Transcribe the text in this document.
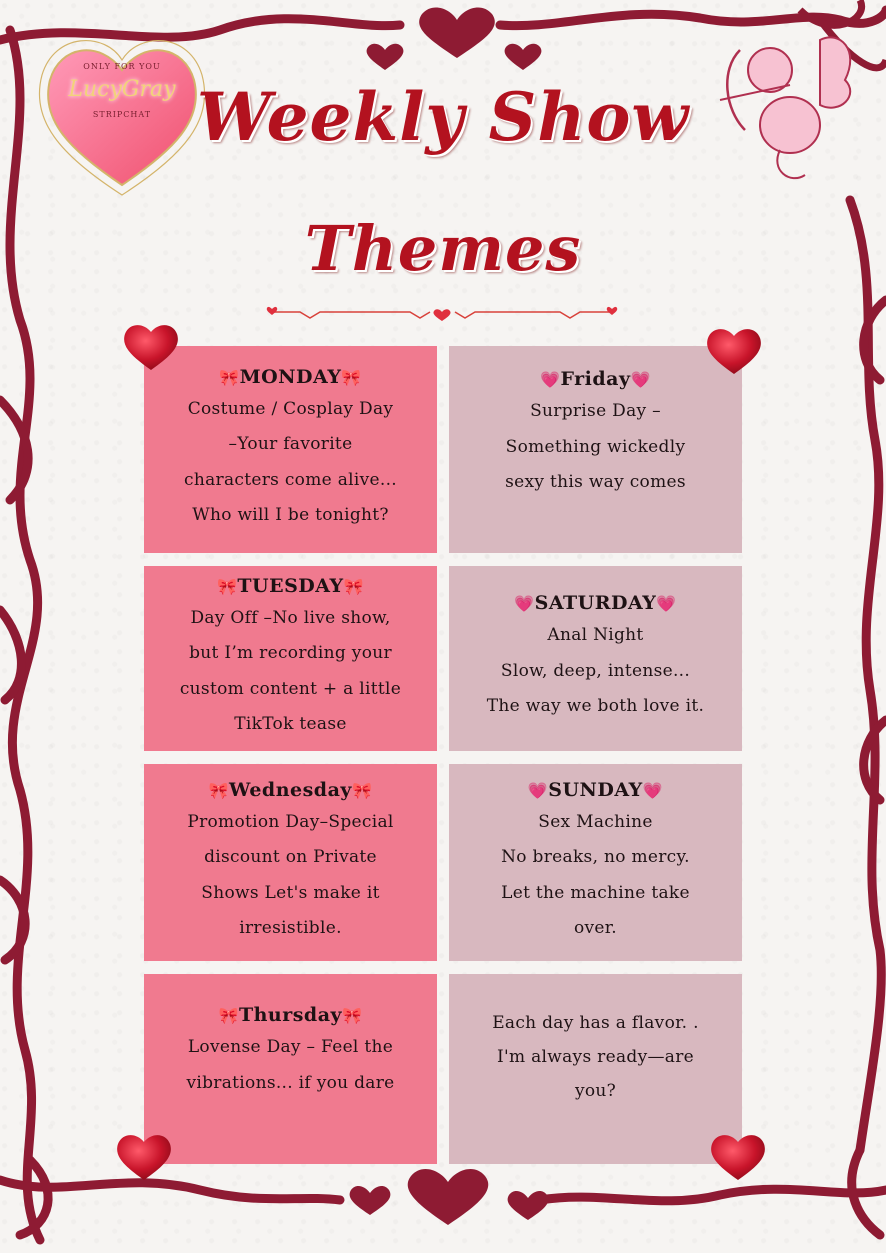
ONLY FOR YOU
LucyGray
STRIPCHAT Weekly Show
Themes
🎀MONDAY🎀
Costume / Cosplay Day
–Your favorite
characters come alive...
Who will I be tonight?
🎀TUESDAY🎀
Day Off –No live show,
but I’m recording your
custom content + a little
TikTok tease
🎀Wednesday🎀
Promotion Day–Special
discount on Private
Shows Let's make it
irresistible.
🎀Thursday🎀
Lovense Day – Feel the
vibrations... if you dare
💗Friday💗
Surprise Day –
Something wickedly
sexy this way comes
💗SATURDAY💗
Anal Night
Slow, deep, intense...
The way we both love it.
💗SUNDAY💗
Sex Machine
No breaks, no mercy.
Let the machine take
over.
Each day has a flavor. .
I'm always ready—are
you?
